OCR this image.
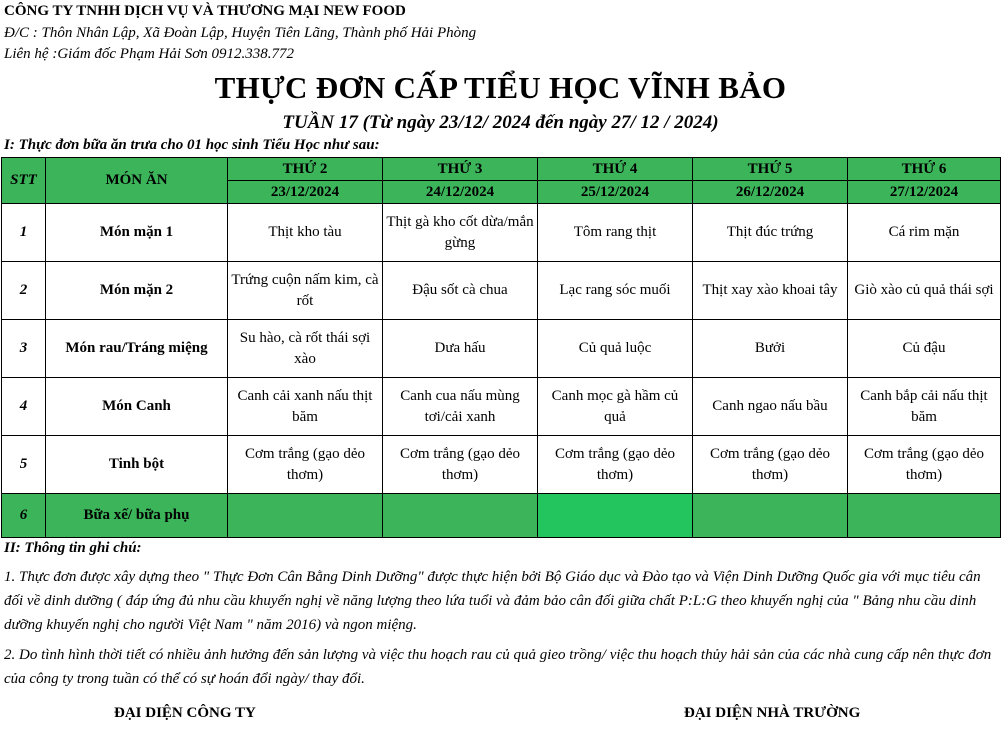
CÔNG TY TNHH DỊCH VỤ VÀ THƯƠNG MẠI NEW FOOD
Đ/C : Thôn Nhân Lập, Xã Đoàn Lập, Huyện Tiên Lãng, Thành phố Hải Phòng
Liên hệ :Giám đốc Phạm Hải Sơn 0912.338.772
THỰC ĐƠN CẤP TIỂU HỌC VĨNH BẢO
TUẦN 17 (Từ ngày 23/12/ 2024 đến ngày 27/ 12 / 2024)
I: Thực đơn bữa ăn trưa cho 01 học sinh Tiểu Học như sau:
STT	MÓN ĂN	THỨ 2	THỨ 3	THỨ 4	THỨ 5	THỨ 6
		23/12/2024	24/12/2024	25/12/2024	26/12/2024	27/12/2024
1	Món mặn 1	Thịt kho tàu	Thịt gà kho cốt dừa/mắn gừng	Tôm rang thịt	Thịt đúc trứng	Cá rim mặn
2	Món mặn 2	Trứng cuộn nấm kim, cà rốt	Đậu sốt cà chua	Lạc rang sóc muối	Thịt xay xào khoai tây	Giò xào củ quả thái sợi
3	Món rau/Tráng miệng	Su hào, cà rốt thái sợi xào	Dưa hấu	Củ quả luộc	Bưởi	Củ đậu
4	Món Canh	Canh cải xanh nấu thịt băm	Canh cua nấu mùng tơi/cải xanh	Canh mọc gà hầm củ quả	Canh ngao nấu bầu	Canh bắp cải nấu thịt băm
5	Tinh bột	Cơm trắng (gạo dẻo thơm)	Cơm trắng (gạo dẻo thơm)	Cơm trắng (gạo dẻo thơm)	Cơm trắng (gạo dẻo thơm)	Cơm trắng (gạo dẻo thơm)
6	Bữa xế/ bữa phụ					
II: Thông tin ghi chú:
1. Thực đơn được xây dựng theo " Thực Đơn Cân Bằng Dinh Dưỡng" được thực hiện bởi Bộ Giáo dục và Đào tạo và Viện Dinh Dưỡng Quốc gia với mục tiêu cân đối về dinh dưỡng ( đáp ứng đủ nhu cầu khuyến nghị về năng lượng theo lứa tuổi và đảm bảo cân đối giữa chất P:L:G theo khuyến nghị của " Bảng nhu cầu dinh dưỡng khuyến nghị cho người Việt Nam " năm 2016) và ngon miệng.
2. Do tình hình thời tiết có nhiều ảnh hưởng đến sản lượng và việc thu hoạch rau củ quả gieo trồng/ việc thu hoạch thủy hải sản của các nhà cung cấp nên thực đơn của công ty trong tuần có thể có sự hoán đổi ngày/ thay đổi.
ĐẠI DIỆN CÔNG TY	ĐẠI DIỆN NHÀ TRƯỜNG
